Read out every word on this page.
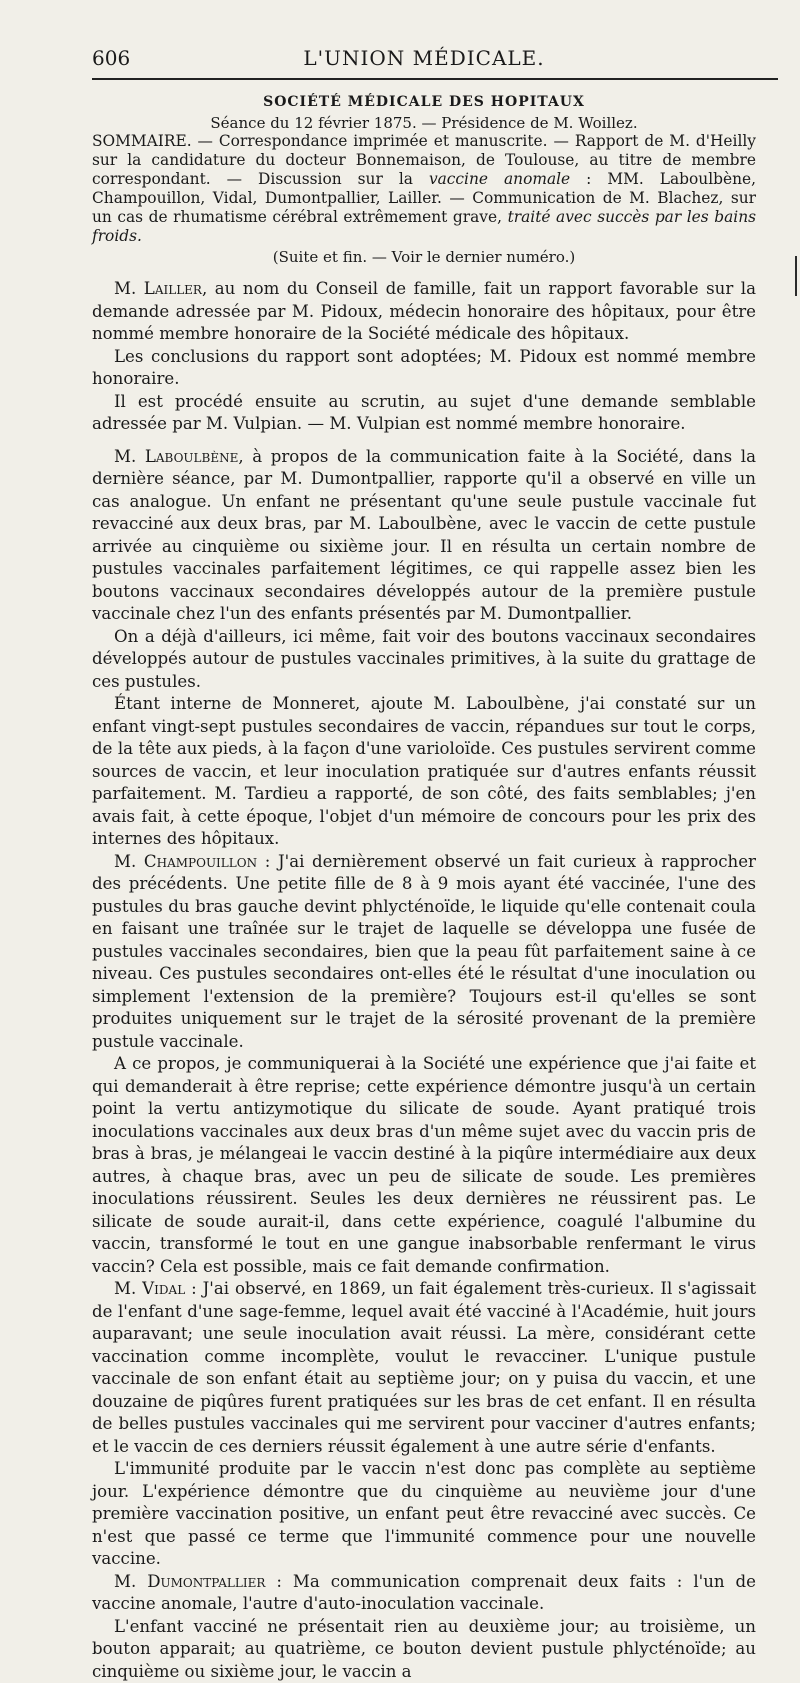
606	L'UNION MÉDICALE.
SOCIÉTÉ MÉDICALE DES HOPITAUX
Séance du 12 février 1875. — Présidence de M. Woillez.

SOMMAIRE. — Correspondance imprimée et manuscrite. — Rapport de M. d'Heilly sur la candidature du docteur Bonnemaison, de Toulouse, au titre de membre correspondant. — Discussion sur la vaccine anomale : MM. Laboulbène, Champouillon, Vidal, Dumontpallier, Lailler. — Communication de M. Blachez, sur un cas de rhumatisme cérébral extrêmement grave, traité avec succès par les bains froids.

(Suite et fin. — Voir le dernier numéro.)

M. Lailler, au nom du Conseil de famille, fait un rapport favorable sur la demande adressée par M. Pidoux, médecin honoraire des hôpitaux, pour être nommé membre honoraire de la Société médicale des hôpitaux.

Les conclusions du rapport sont adoptées; M. Pidoux est nommé membre honoraire.

Il est procédé ensuite au scrutin, au sujet d'une demande semblable adressée par M. Vulpian. — M. Vulpian est nommé membre honoraire.

M. Laboulbène, à propos de la communication faite à la Société, dans la dernière séance, par M. Dumontpallier, rapporte qu'il a observé en ville un cas analogue. Un enfant ne présentant qu'une seule pustule vaccinale fut revacciné aux deux bras, par M. Laboulbène, avec le vaccin de cette pustule arrivée au cinquième ou sixième jour. Il en résulta un certain nombre de pustules vaccinales parfaitement légitimes, ce qui rappelle assez bien les boutons vaccinaux secondaires développés autour de la première pustule vaccinale chez l'un des enfants présentés par M. Dumontpallier.

On a déjà d'ailleurs, ici même, fait voir des boutons vaccinaux secondaires développés autour de pustules vaccinales primitives, à la suite du grattage de ces pustules.

Étant interne de Monneret, ajoute M. Laboulbène, j'ai constaté sur un enfant vingt-sept pustules secondaires de vaccin, répandues sur tout le corps, de la tête aux pieds, à la façon d'une varioloïde. Ces pustules servirent comme sources de vaccin, et leur inoculation pratiquée sur d'autres enfants réussit parfaitement. M. Tardieu a rapporté, de son côté, des faits semblables; j'en avais fait, à cette époque, l'objet d'un mémoire de concours pour les prix des internes des hôpitaux.

M. Champouillon : J'ai dernièrement observé un fait curieux à rapprocher des précédents. Une petite fille de 8 à 9 mois ayant été vaccinée, l'une des pustules du bras gauche devint phlycténoïde, le liquide qu'elle contenait coula en faisant une traînée sur le trajet de laquelle se développa une fusée de pustules vaccinales secondaires, bien que la peau fût parfaitement saine à ce niveau. Ces pustules secondaires ont-elles été le résultat d'une inoculation ou simplement l'extension de la première? Toujours est-il qu'elles se sont produites uniquement sur le trajet de la sérosité provenant de la première pustule vaccinale.

A ce propos, je communiquerai à la Société une expérience que j'ai faite et qui demanderait à être reprise; cette expérience démontre jusqu'à un certain point la vertu antizymotique du silicate de soude. Ayant pratiqué trois inoculations vaccinales aux deux bras d'un même sujet avec du vaccin pris de bras à bras, je mélangeai le vaccin destiné à la piqûre intermédiaire aux deux autres, à chaque bras, avec un peu de silicate de soude. Les premières inoculations réussirent. Seules les deux dernières ne réussirent pas. Le silicate de soude aurait-il, dans cette expérience, coagulé l'albumine du vaccin, transformé le tout en une gangue inabsorbable renfermant le virus vaccin? Cela est possible, mais ce fait demande confirmation.

M. Vidal : J'ai observé, en 1869, un fait également très-curieux. Il s'agissait de l'enfant d'une sage-femme, lequel avait été vacciné à l'Académie, huit jours auparavant; une seule inoculation avait réussi. La mère, considérant cette vaccination comme incomplète, voulut le revacciner. L'unique pustule vaccinale de son enfant était au septième jour; on y puisa du vaccin, et une douzaine de piqûres furent pratiquées sur les bras de cet enfant. Il en résulta de belles pustules vaccinales qui me servirent pour vacciner d'autres enfants; et le vaccin de ces derniers réussit également à une autre série d'enfants.

L'immunité produite par le vaccin n'est donc pas complète au septième jour. L'expérience démontre que du cinquième au neuvième jour d'une première vaccination positive, un enfant peut être revacciné avec succès. Ce n'est que passé ce terme que l'immunité commence pour une nouvelle vaccine.

M. Dumontpallier : Ma communication comprenait deux faits : l'un de vaccine anomale, l'autre d'auto-inoculation vaccinale.

L'enfant vacciné ne présentait rien au deuxième jour; au troisième, un bouton apparait; au quatrième, ce bouton devient pustule phlycténoïde; au cinquième ou sixième jour, le vaccin a
